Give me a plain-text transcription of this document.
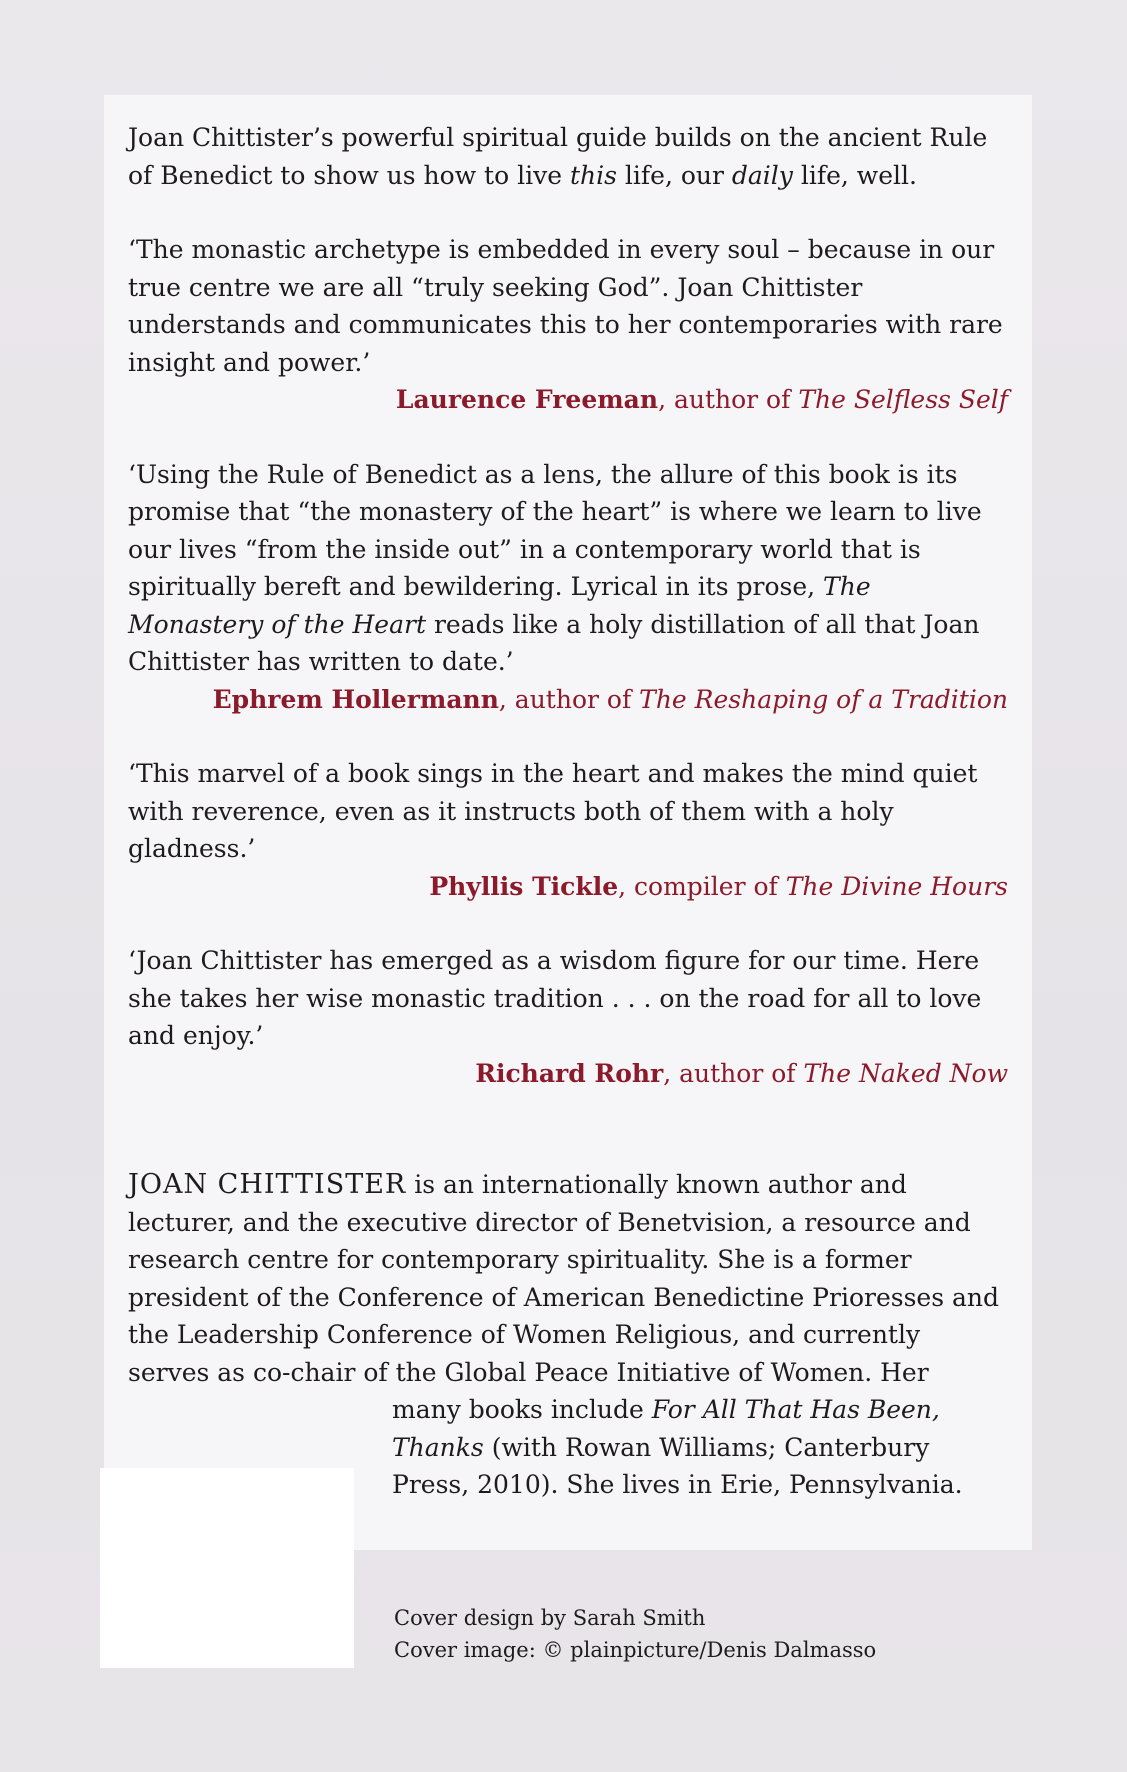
Joan Chittister’s powerful spiritual guide builds on the ancient Rule of Benedict to show us how to live this life, our daily life, well.

‘The monastic archetype is embedded in every soul – because in our true centre we are all “truly seeking God”. Joan Chittister understands and communicates this to her contemporaries with rare insight and power.’

Laurence Freeman, author of The Selfless Self

‘Using the Rule of Benedict as a lens, the allure of this book is its promise that “the monastery of the heart” is where we learn to live our lives “from the inside out” in a contemporary world that is spiritually bereft and bewildering. Lyrical in its prose, The Monastery of the Heart reads like a holy distillation of all that Joan Chittister has written to date.’

Ephrem Hollermann, author of The Reshaping of a Tradition

‘This marvel of a book sings in the heart and makes the mind quiet with reverence, even as it instructs both of them with a holy gladness.’

Phyllis Tickle, compiler of The Divine Hours

‘Joan Chittister has emerged as a wisdom figure for our time. Here she takes her wise monastic tradition . . . on the road for all to love and enjoy.’

Richard Rohr, author of The Naked Now

JOAN CHITTISTER is an internationally known author and lecturer, and the executive director of Benetvision, a resource and research centre for contemporary spirituality. She is a former president of the Conference of American Benedictine Prioresses and the Leadership Conference of Women Religious, and currently serves as co-chair of the Global Peace Initiative of Women. Her
many books include For All That Has Been,
Thanks (with Rowan Williams; Canterbury
Press, 2010). She lives in Erie, Pennsylvania.

Cover design by Sarah Smith
Cover image: © plainpicture/Denis Dalmasso
